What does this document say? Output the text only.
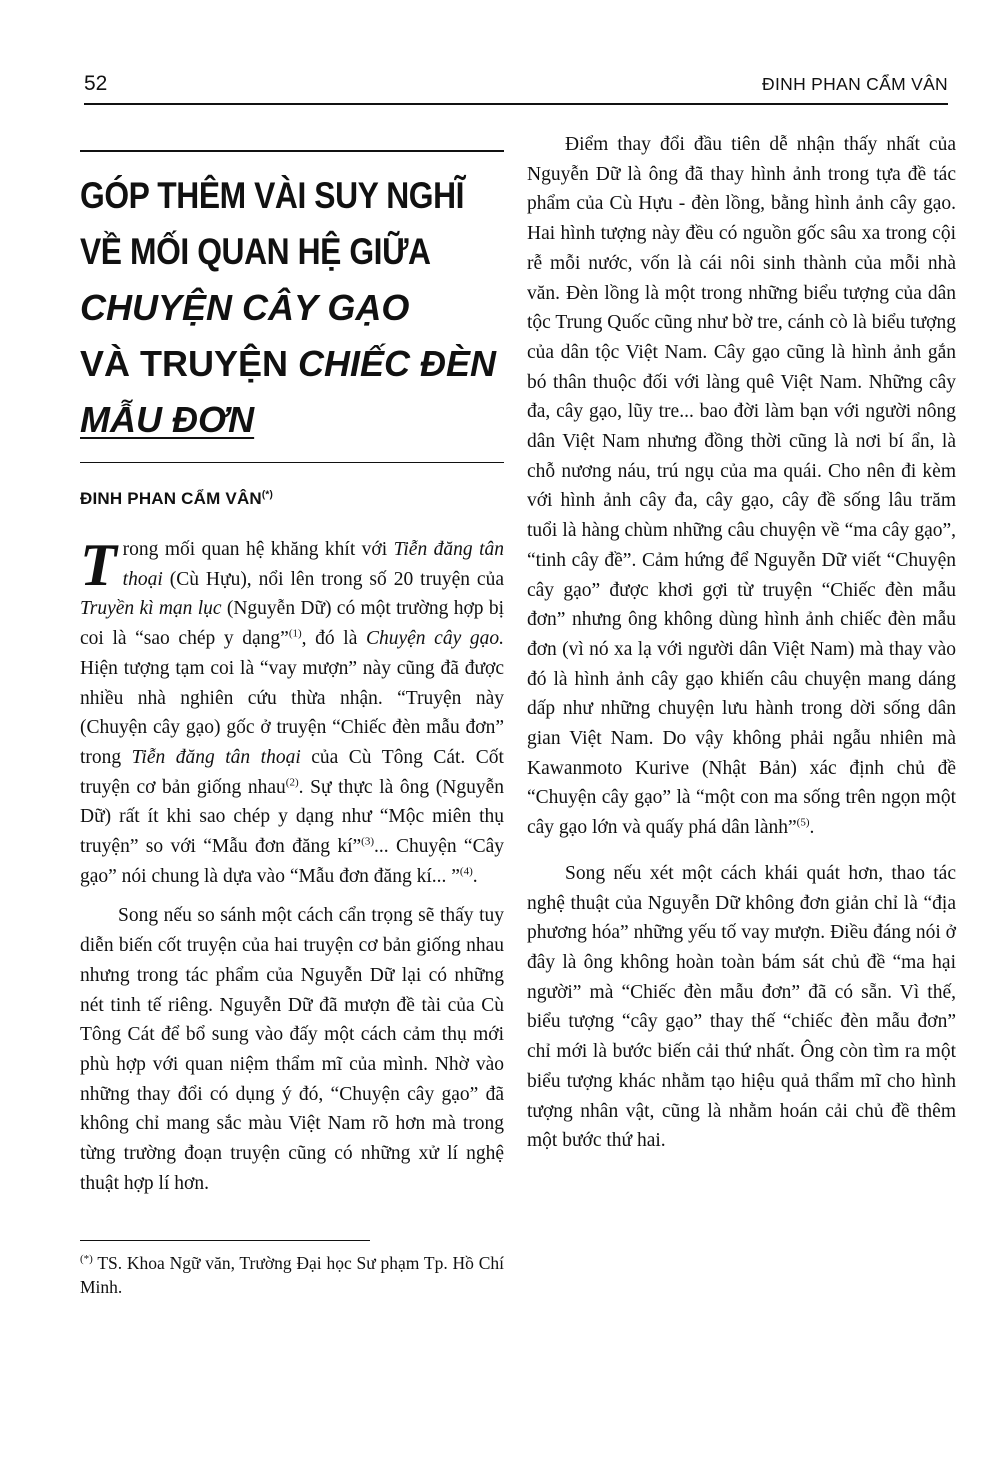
52	ĐINH PHAN CẨM VÂN
GÓP THÊM VÀI SUY NGHĨ
VỀ MỐI QUAN HỆ GIỮA
CHUYỆN CÂY GẠO
VÀ TRUYỆN CHIẾC ĐÈN
MẪU ĐƠN
ĐINH PHAN CẨM VÂN(*)

Trong mối quan hệ khăng khít với Tiễn đăng tân thoại (Cù Hựu), nổi lên trong số 20 truyện của Truyền kì mạn lục (Nguyễn Dữ) có một trường hợp bị coi là “sao chép y dạng”$^{(1)}$, đó là Chuyện cây gạo. Hiện tượng tạm coi là “vay mượn” này cũng đã được nhiều nhà nghiên cứu thừa nhận. “Truyện này (Chuyện cây gạo) gốc ở truyện “Chiếc đèn mẫu đơn” trong Tiễn đăng tân thoại của Cù Tông Cát. Cốt truyện cơ bản giống nhau$^{(2)}$. Sự thực là ông (Nguyễn Dữ) rất ít khi sao chép y dạng như “Mộc miên thụ truyện” so với “Mẫu đơn đăng kí”$^{(3)}$... Chuyện “Cây gạo” nói chung là dựa vào “Mẫu đơn đăng kí... ”$^{(4)}$.

Song nếu so sánh một cách cẩn trọng sẽ thấy tuy diễn biến cốt truyện của hai truyện cơ bản giống nhau nhưng trong tác phẩm của Nguyễn Dữ lại có những nét tinh tế riêng. Nguyễn Dữ đã mượn đề tài của Cù Tông Cát để bổ sung vào đấy một cách cảm thụ mới phù hợp với quan niệm thẩm mĩ của mình. Nhờ vào những thay đổi có dụng ý đó, “Chuyện cây gạo” đã không chỉ mang sắc màu Việt Nam rõ hơn mà trong từng trường đoạn truyện cũng có những xử lí nghệ thuật hợp lí hơn.

(*) TS. Khoa Ngữ văn, Trường Đại học Sư phạm Tp. Hồ Chí Minh.

Điểm thay đổi đầu tiên dễ nhận thấy nhất của Nguyễn Dữ là ông đã thay hình ảnh trong tựa đề tác phẩm của Cù Hựu - đèn lồng, bằng hình ảnh cây gạo. Hai hình tượng này đều có nguồn gốc sâu xa trong cội rễ mỗi nước, vốn là cái nôi sinh thành của mỗi nhà văn. Đèn lồng là một trong những biểu tượng của dân tộc Trung Quốc cũng như bờ tre, cánh cò là biểu tượng của dân tộc Việt Nam. Cây gạo cũng là hình ảnh gắn bó thân thuộc đối với làng quê Việt Nam. Những cây đa, cây gạo, lũy tre... bao đời làm bạn với người nông dân Việt Nam nhưng đồng thời cũng là nơi bí ẩn, là chỗ nương náu, trú ngụ của ma quái. Cho nên đi kèm với hình ảnh cây đa, cây gạo, cây đề sống lâu trăm tuổi là hàng chùm những câu chuyện về “ma cây gạo”, “tinh cây đề”. Cảm hứng để Nguyễn Dữ viết “Chuyện cây gạo” được khơi gợi từ truyện “Chiếc đèn mẫu đơn” nhưng ông không dùng hình ảnh chiếc đèn mẫu đơn (vì nó xa lạ với người dân Việt Nam) mà thay vào đó là hình ảnh cây gạo khiến câu chuyện mang dáng dấp như những chuyện lưu hành trong dời sống dân gian Việt Nam. Do vậy không phải ngẫu nhiên mà Kawanmoto Kurive (Nhật Bản) xác định chủ đề “Chuyện cây gạo” là “một con ma sống trên ngọn một cây gạo lớn và quấy phá dân lành”$^{(5)}$.

Song nếu xét một cách khái quát hơn, thao tác nghệ thuật của Nguyễn Dữ không đơn giản chỉ là “địa phương hóa” những yếu tố vay mượn. Điều đáng nói ở đây là ông không hoàn toàn bám sát chủ đề “ma hại người” mà “Chiếc đèn mẫu đơn” đã có sẵn. Vì thế, biểu tượng “cây gạo” thay thế “chiếc đèn mẫu đơn” chỉ mới là bước biến cải thứ nhất. Ông còn tìm ra một biểu tượng khác nhằm tạo hiệu quả thẩm mĩ cho hình tượng nhân vật, cũng là nhằm hoán cải chủ đề thêm một bước thứ hai.
